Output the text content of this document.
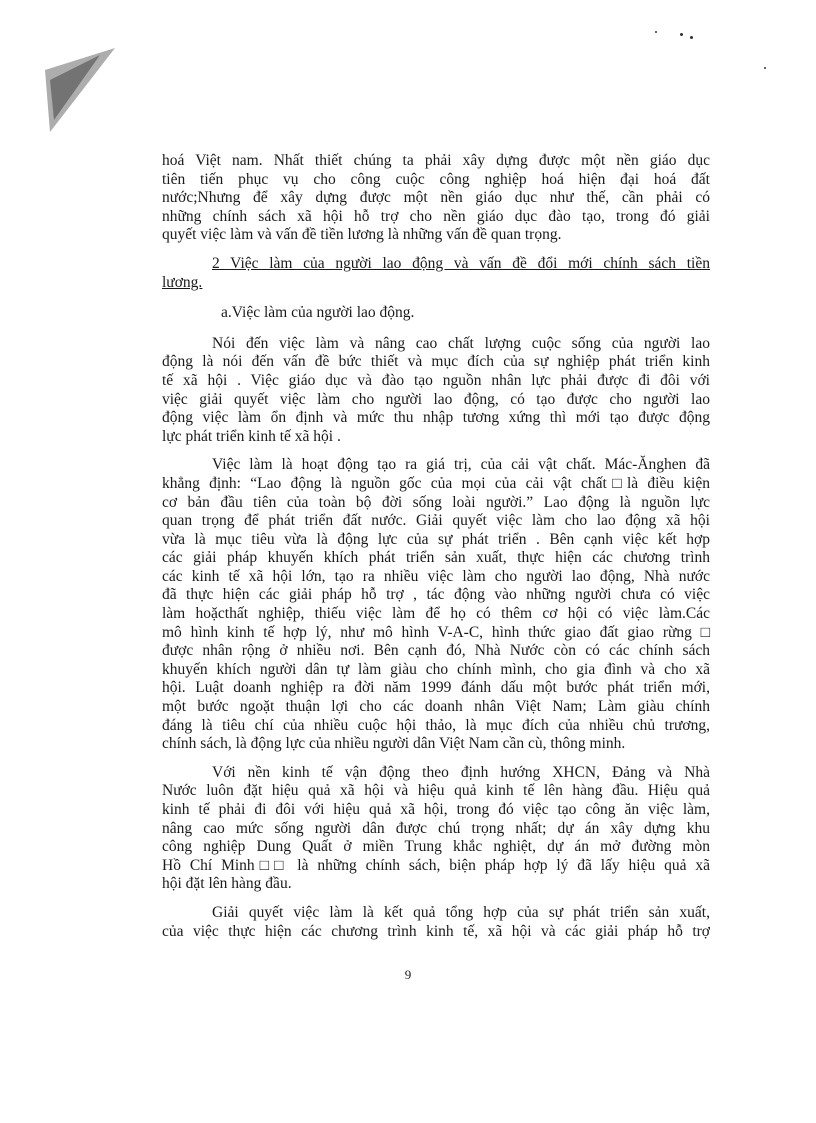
hoá Việt nam. Nhất thiết chúng ta phải xây dựng được một nền giáo dục
tiên tiến phục vụ cho công cuộc công nghiệp hoá hiện đại hoá đất
nước;Nhưng để xây dựng được một nền giáo dục như thế, cần phải có
những chính sách xã hội hỗ trợ cho nền giáo dục đào tạo, trong đó giải
quyết việc làm và vấn đề tiền lương là những vấn đề quan trọng.
2 Việc làm của người lao động và vấn đề đổi mới chính sách tiền
lương.
a.Việc làm của người lao động.
Nói đến việc làm và nâng cao chất lượng cuộc sống của người lao
động là nói đến vấn đề bức thiết và mục đích của sự nghiệp phát triển kinh
tế xã hội . Việc giáo dục và đào tạo nguồn nhân lực phải được đi đôi với
việc giải quyết việc làm cho người lao động, có tạo được cho người lao
động việc làm ổn định và mức thu nhập tương xứng thì mới tạo được động
lực phát triển kinh tế xã hội .
Việc làm là hoạt động tạo ra giá trị, của cải vật chất. Mác-Ănghen đã
khẳng định: “Lao động là nguồn gốc của mọi của cải vật chất□là điều kiện
cơ bản đầu tiên của toàn bộ đời sống loài người.” Lao động là nguồn lực
quan trọng để phát triển đất nước. Giải quyết việc làm cho lao động xã hội
vừa là mục tiêu vừa là động lực của sự phát triển . Bên cạnh việc kết hợp
các giải pháp khuyến khích phát triển sản xuất, thực hiện các chương trình
các kinh tế xã hội lớn, tạo ra nhiều việc làm cho người lao động, Nhà nước
đã thực hiện các giải pháp hỗ trợ , tác động vào những người chưa có việc
làm hoặcthất nghiệp, thiếu việc làm để họ có thêm cơ hội có việc làm.Các
mô hình kinh tế hợp lý, như mô hình V-A-C, hình thức giao đất giao rừng □
được nhân rộng ở nhiều nơi. Bên cạnh đó, Nhà Nước còn có các chính sách
khuyến khích người dân tự làm giàu cho chính mình, cho gia đình và cho xã
hội. Luật doanh nghiệp ra đời năm 1999 đánh dấu một bước phát triển mới,
một bước ngoặt thuận lợi cho các doanh nhân Việt Nam; Làm giàu chính
đáng là tiêu chí của nhiều cuộc hội thảo, là mục đích của nhiều chủ trương,
chính sách, là động lực của nhiều người dân Việt Nam cần cù, thông minh.
Với nền kinh tế vận động theo định hướng XHCN, Đảng và Nhà
Nước luôn đặt hiệu quả xã hội và hiệu quả kinh tế lên hàng đầu. Hiệu quả
kinh tế phải đi đôi với hiệu quả xã hội, trong đó việc tạo công ăn việc làm,
nâng cao mức sống người dân được chú trọng nhất; dự án xây dựng khu
công nghiệp Dung Quất ở miền Trung khắc nghiệt, dự án mở đường mòn
Hồ Chí Minh□□ là những chính sách, biện pháp hợp lý đã lấy hiệu quả xã
hội đặt lên hàng đầu.
Giải quyết việc làm là kết quả tổng hợp của sự phát triển sản xuất,
của việc thực hiện các chương trình kinh tế, xã hội và các giải pháp hỗ trợ
9
